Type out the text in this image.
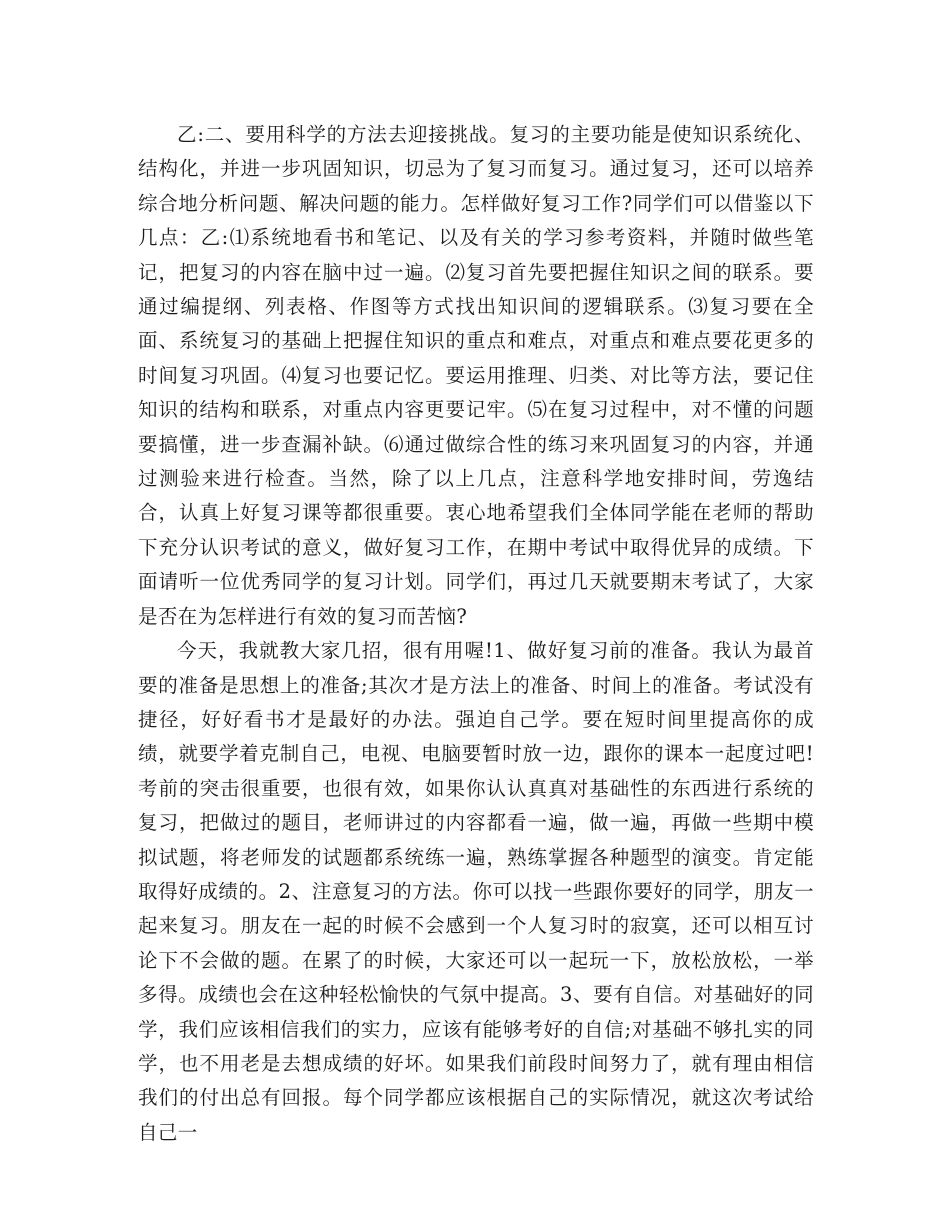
乙:二、要用科学的方法去迎接挑战。复习的主要功能是使知识系统化、结构化，并进一步巩固知识，切忌为了复习而复习。通过复习，还可以培养综合地分析问题、解决问题的能力。怎样做好复习工作?同学们可以借鉴以下几点：乙:⑴系统地看书和笔记、以及有关的学习参考资料，并随时做些笔记，把复习的内容在脑中过一遍。⑵复习首先要把握住知识之间的联系。要通过编提纲、列表格、作图等方式找出知识间的逻辑联系。⑶复习要在全面、系统复习的基础上把握住知识的重点和难点，对重点和难点要花更多的时间复习巩固。⑷复习也要记忆。要运用推理、归类、对比等方法，要记住知识的结构和联系，对重点内容更要记牢。⑸在复习过程中，对不懂的问题要搞懂，进一步查漏补缺。⑹通过做综合性的练习来巩固复习的内容，并通过测验来进行检查。当然，除了以上几点，注意科学地安排时间，劳逸结合，认真上好复习课等都很重要。衷心地希望我们全体同学能在老师的帮助下充分认识考试的意义，做好复习工作，在期中考试中取得优异的成绩。下面请听一位优秀同学的复习计划。同学们，再过几天就要期末考试了，大家是否在为怎样进行有效的复习而苦恼?

今天，我就教大家几招，很有用喔!1、做好复习前的准备。我认为最首要的准备是思想上的准备;其次才是方法上的准备、时间上的准备。考试没有捷径，好好看书才是最好的办法。强迫自己学。要在短时间里提高你的成绩，就要学着克制自己，电视、电脑要暂时放一边，跟你的课本一起度过吧!考前的突击很重要，也很有效，如果你认认真真对基础性的东西进行系统的复习，把做过的题目，老师讲过的内容都看一遍，做一遍，再做一些期中模拟试题，将老师发的试题都系统练一遍，熟练掌握各种题型的演变。肯定能取得好成绩的。2、注意复习的方法。你可以找一些跟你要好的同学，朋友一起来复习。朋友在一起的时候不会感到一个人复习时的寂寞，还可以相互讨论下不会做的题。在累了的时候，大家还可以一起玩一下，放松放松，一举多得。成绩也会在这种轻松愉快的气氛中提高。3、要有自信。对基础好的同学，我们应该相信我们的实力，应该有能够考好的自信;对基础不够扎实的同学，也不用老是去想成绩的好坏。如果我们前段时间努力了，就有理由相信我们的付出总有回报。每个同学都应该根据自己的实际情况，就这次考试给自己一
